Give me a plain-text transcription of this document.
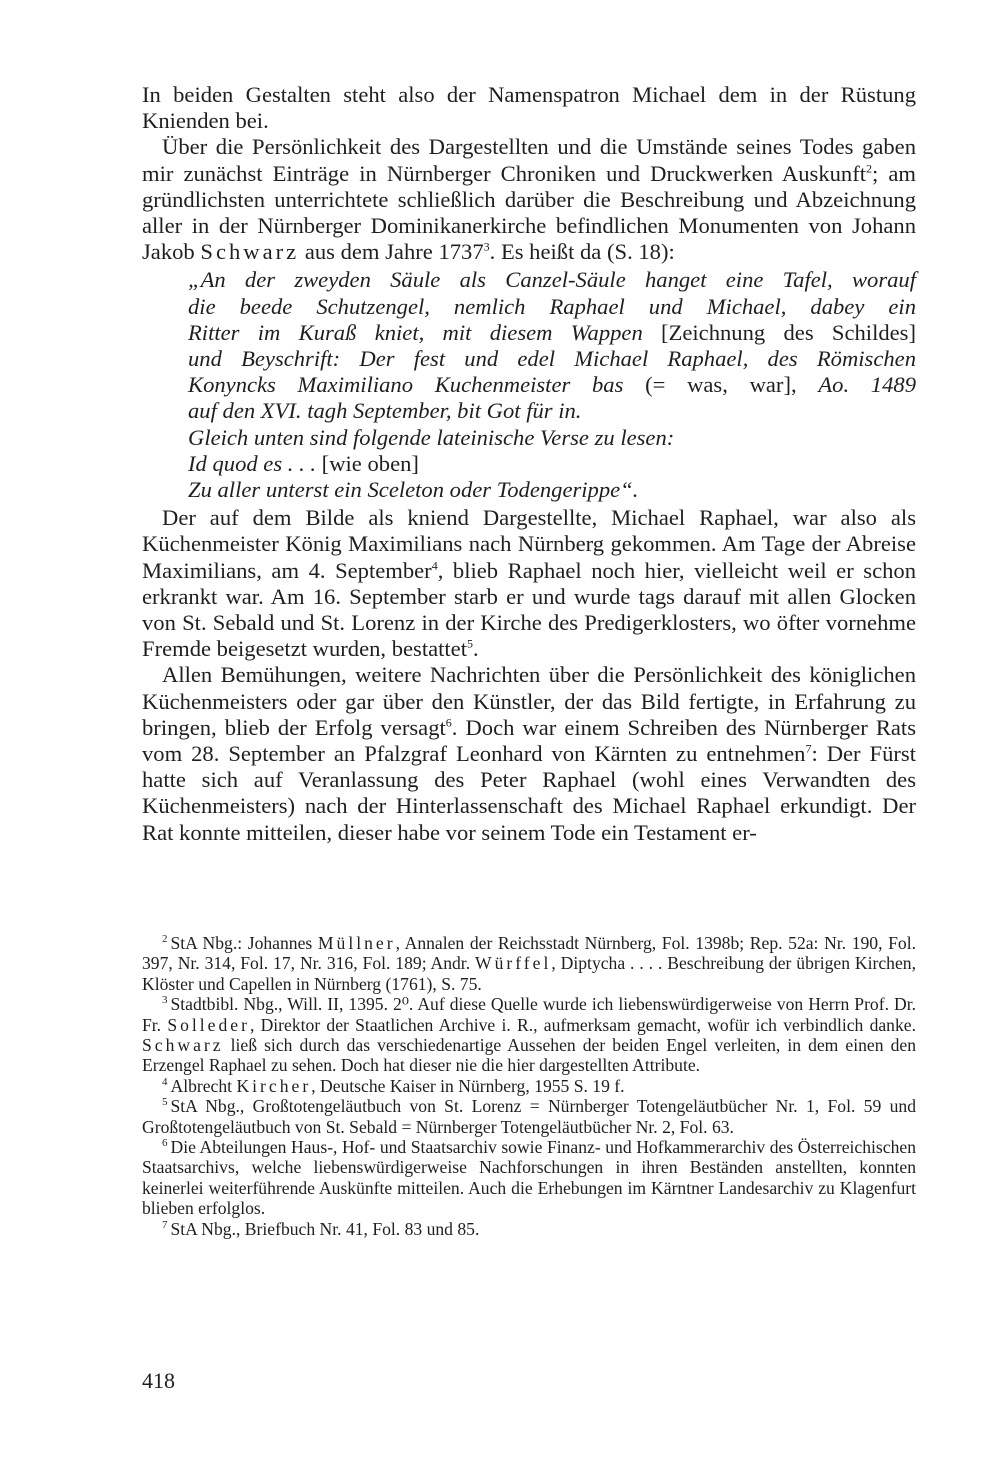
In beiden Gestalten steht also der Namenspatron Michael dem in der Rüstung Knienden bei.

Über die Persönlichkeit des Dargestellten und die Umstände seines Todes gaben mir zunächst Einträge in Nürnberger Chroniken und Druckwerken Auskunft$^2$; am gründlichsten unterrichtete schließlich darüber die Beschreibung und Abzeichnung aller in der Nürnberger Dominikanerkirche befindlichen Monumenten von Johann Jakob Schwarz aus dem Jahre 1737$^3$. Es heißt da (S. 18):

„An der zweyden Säule als Canzel-Säule hanget eine Tafel, worauf
die beede Schutzengel, nemlich Raphael und Michael, dabey ein
Ritter im Kuraß kniet, mit diesem Wappen [Zeichnung des Schildes]
und Beyschrift: Der fest und edel Michael Raphael, des Römischen
Konyncks Maximiliano Kuchenmeister bas (= was, war], Ao. 1489
auf den XVI. tagh September, bit Got für in.
Gleich unten sind folgende lateinische Verse zu lesen:
Id quod es . . . [wie oben]
Zu aller unterst ein Sceleton oder Todengerippe“.

Der auf dem Bilde als kniend Dargestellte, Michael Raphael, war also als Küchenmeister König Maximilians nach Nürnberg gekommen. Am Tage der Abreise Maximilians, am 4. September$^4$, blieb Raphael noch hier, vielleicht weil er schon erkrankt war. Am 16. September starb er und wurde tags darauf mit allen Glocken von St. Sebald und St. Lorenz in der Kirche des Predigerklosters, wo öfter vornehme Fremde beigesetzt wurden, bestattet$^5$.

Allen Bemühungen, weitere Nachrichten über die Persönlichkeit des königlichen Küchenmeisters oder gar über den Künstler, der das Bild fertigte, in Erfahrung zu bringen, blieb der Erfolg versagt$^6$. Doch war einem Schreiben des Nürnberger Rats vom 28. September an Pfalzgraf Leonhard von Kärnten zu entnehmen$^7$: Der Fürst hatte sich auf Veranlassung des Peter Raphael (wohl eines Verwandten des Küchenmeisters) nach der Hinterlassenschaft des Michael Raphael erkundigt. Der Rat konnte mitteilen, dieser habe vor seinem Tode ein Testament er-

$^2$ StA Nbg.: Johannes Müllner, Annalen der Reichsstadt Nürnberg, Fol. 1398b; Rep. 52a: Nr. 190, Fol. 397, Nr. 314, Fol. 17, Nr. 316, Fol. 189; Andr. Würffel, Diptycha . . . . Beschreibung der übrigen Kirchen, Klöster und Capellen in Nürnberg (1761), S. 75.

$^3$ Stadtbibl. Nbg., Will. II, 1395. 2⁰. Auf diese Quelle wurde ich liebenswürdigerweise von Herrn Prof. Dr. Fr. Solleder, Direktor der Staatlichen Archive i. R., aufmerksam gemacht, wofür ich verbindlich danke. Schwarz ließ sich durch das verschiedenartige Aussehen der beiden Engel verleiten, in dem einen den Erzengel Raphael zu sehen. Doch hat dieser nie die hier dargestellten Attribute.

$^4$ Albrecht Kircher, Deutsche Kaiser in Nürnberg, 1955 S. 19 f.

$^5$ StA Nbg., Großtotengeläutbuch von St. Lorenz = Nürnberger Totengeläutbücher Nr. 1, Fol. 59 und Großtotengeläutbuch von St. Sebald = Nürnberger Totengeläutbücher Nr. 2, Fol. 63.

$^6$ Die Abteilungen Haus-, Hof- und Staatsarchiv sowie Finanz- und Hofkammerarchiv des Österreichischen Staatsarchivs, welche liebenswürdigerweise Nachforschungen in ihren Beständen anstellten, konnten keinerlei weiterführende Auskünfte mitteilen. Auch die Erhebungen im Kärntner Landesarchiv zu Klagenfurt blieben erfolglos.

$^7$ StA Nbg., Briefbuch Nr. 41, Fol. 83 und 85.

418
